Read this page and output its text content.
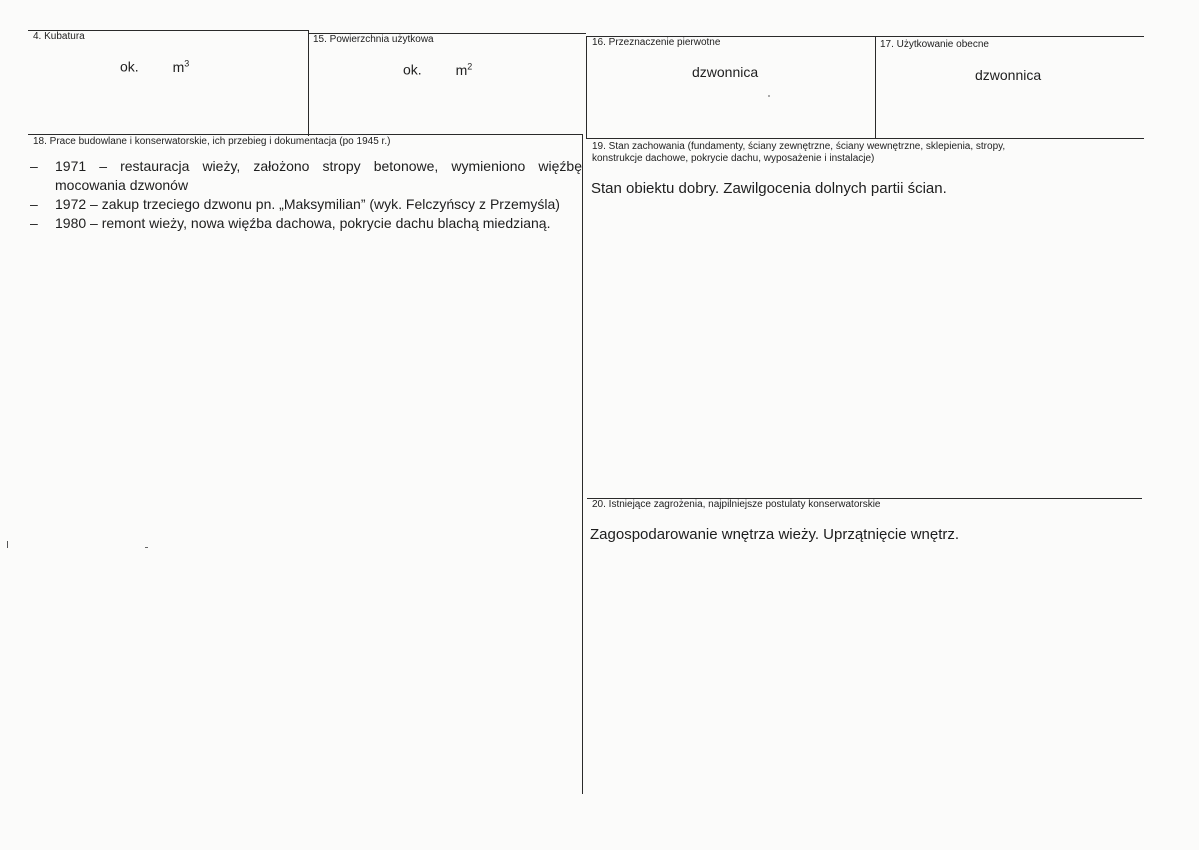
4. Kubatura
ok. $m^3$
15. Powierzchnia użytkowa
ok. $m^2$
16. Przeznaczenie pierwotne
dzwonnica
17. Użytkowanie obecne
dzwonnica
18. Prace budowlane i konserwatorskie, ich przebieg i dokumentacja (po 1945 r.)
– 1971 – restauracja wieży, założono stropy betonowe, wymieniono więźbę mocowania dzwonów
– 1972 – zakup trzeciego dzwonu pn. „Maksymilian” (wyk. Felczyńscy z Przemyśla)
– 1980 – remont wieży, nowa więźba dachowa, pokrycie dachu blachą miedzianą.
19. Stan zachowania (fundamenty, ściany zewnętrzne, ściany wewnętrzne, sklepienia, stropy,
konstrukcje dachowe, pokrycie dachu, wyposażenie i instalacje)
Stan obiektu dobry. Zawilgocenia dolnych partii ścian.
20. Istniejące zagrożenia, najpilniejsze postulaty konserwatorskie
Zagospodarowanie wnętrza wieży. Uprzątnięcie wnętrz.
